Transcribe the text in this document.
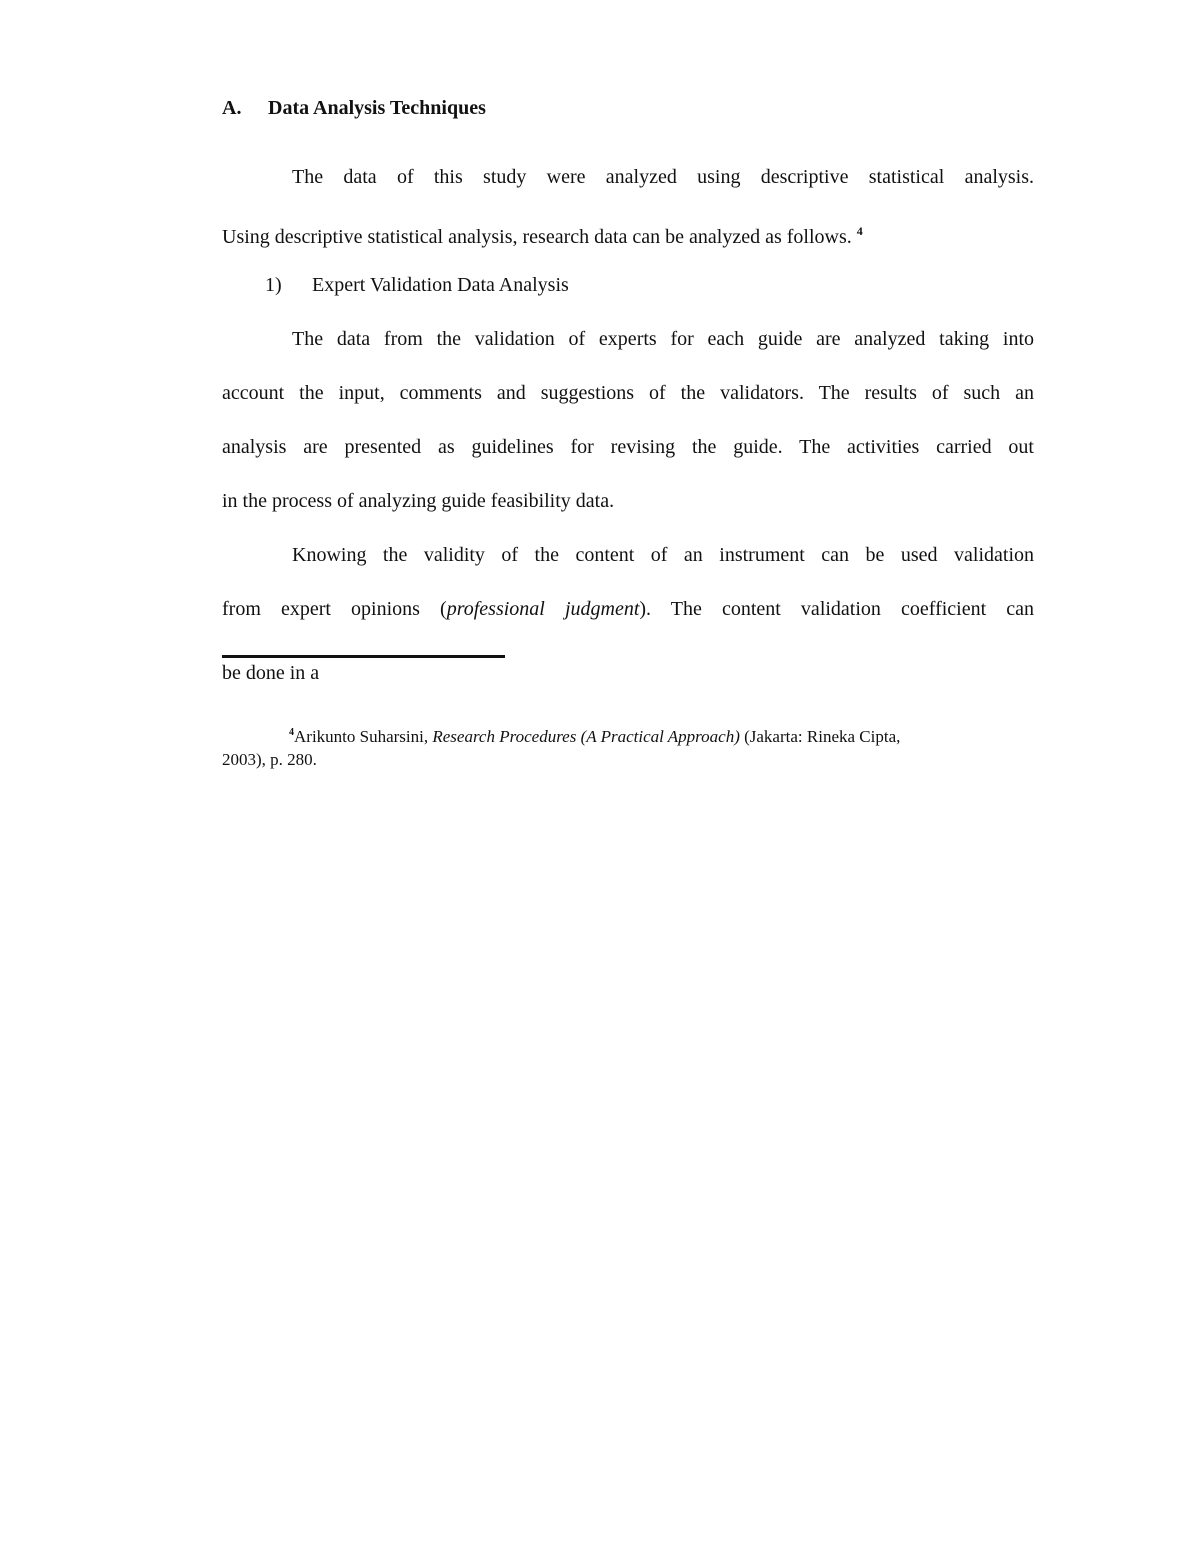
A. Data Analysis Techniques
The data of this study were analyzed using descriptive statistical analysis.
Using descriptive statistical analysis, research data can be analyzed as follows. $^4$
1) Expert Validation Data Analysis
The data from the validation of experts for each guide are analyzed taking into
account the input, comments and suggestions of the validators. The results of such an
analysis are presented as guidelines for revising the guide. The activities carried out
in the process of analyzing guide feasibility data.
Knowing the validity of the content of an instrument can be used validation
from expert opinions (professional judgment). The content validation coefficient can
be done in a
$^4$Arikunto Suharsini, Research Procedures (A Practical Approach) (Jakarta: Rineka Cipta,
2003), p. 280.
